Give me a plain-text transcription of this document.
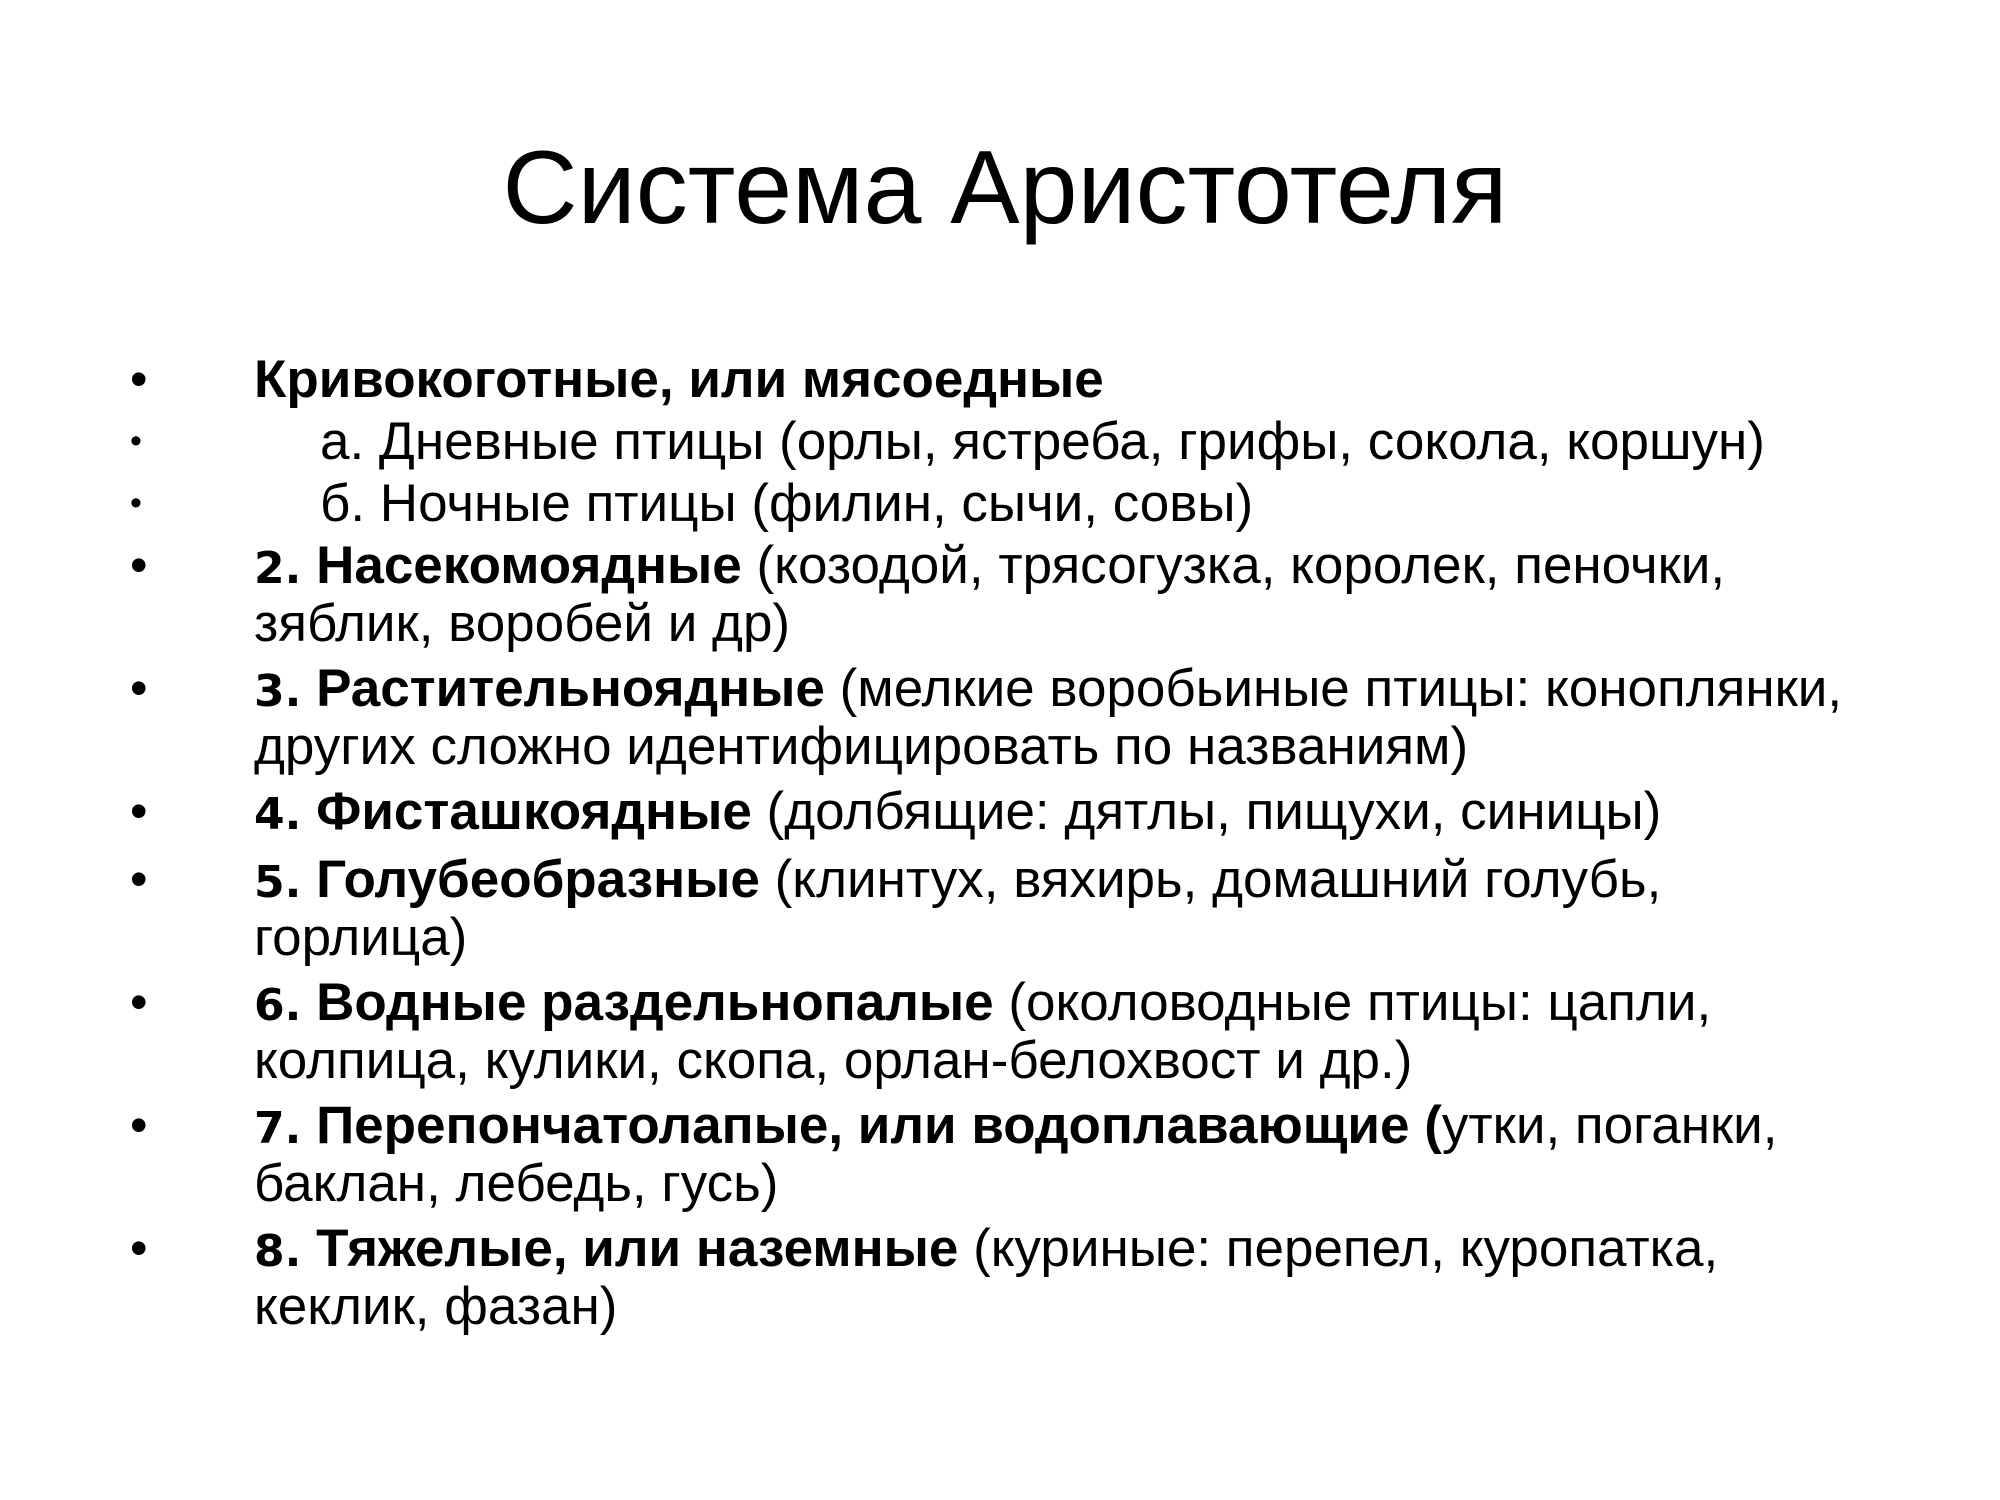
Система Аристотеля
• Кривокоготные, или мясоедные
•	а. Дневные птицы (орлы, ястреба, грифы, сокола, коршун)
•	б. Ночные птицы (филин, сычи, совы)
• 2. Насекомоядные (козодой, трясогузка, королек, пеночки, зяблик, воробей и др)
• 3. Растительноядные (мелкие воробьиные птицы: коноплянки, других сложно идентифицировать по названиям)
• 4. Фисташкоядные (долбящие: дятлы, пищухи, синицы)
• 5. Голубеобразные (клинтух, вяхирь, домашний голубь, горлица)
• 6. Водные раздельнопалые (околоводные птицы: цапли, колпица, кулики, скопа, орлан-белохвост и др.)
• 7. Перепончатолапые, или водоплавающие (утки, поганки, баклан, лебедь, гусь)
• 8. Тяжелые, или наземные (куриные: перепел, куропатка, кеклик, фазан)
